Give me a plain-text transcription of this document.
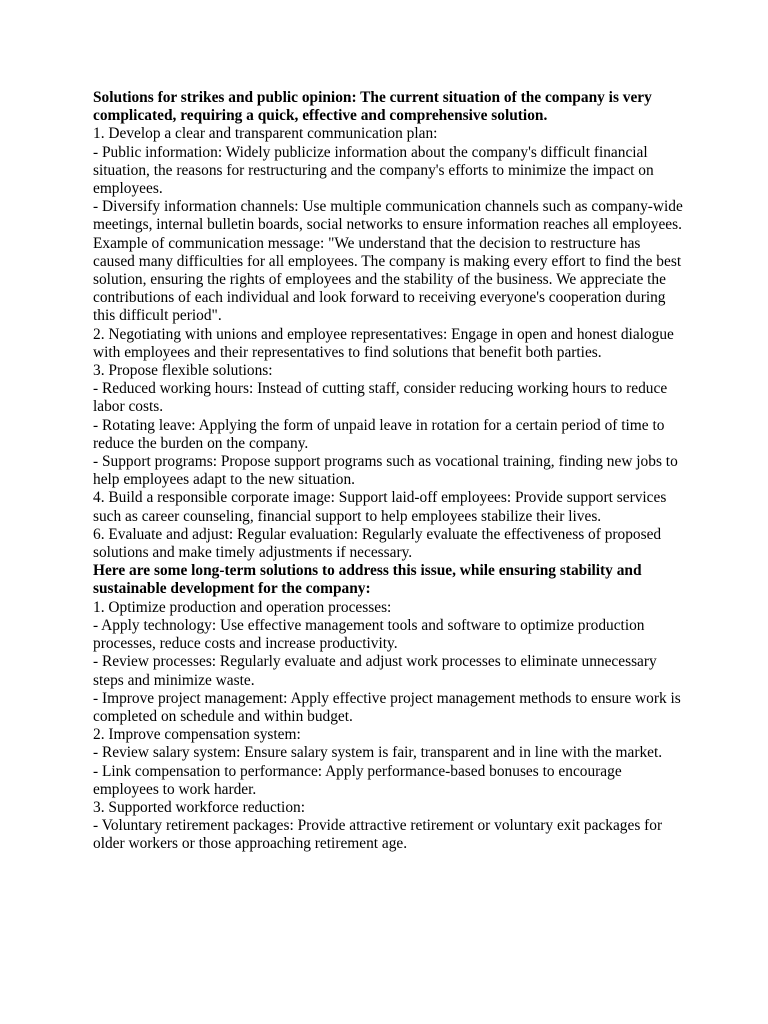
Solutions for strikes and public opinion: The current situation of the company is very complicated, requiring a quick, effective and comprehensive solution.

1. Develop a clear and transparent communication plan:

- Public information: Widely publicize information about the company's difficult financial situation, the reasons for restructuring and the company's efforts to minimize the impact on employees.

- Diversify information channels: Use multiple communication channels such as company-wide meetings, internal bulletin boards, social networks to ensure information reaches all employees.

Example of communication message: "We understand that the decision to restructure has caused many difficulties for all employees. The company is making every effort to find the best solution, ensuring the rights of employees and the stability of the business. We appreciate the contributions of each individual and look forward to receiving everyone's cooperation during this difficult period".

2. Negotiating with unions and employee representatives: Engage in open and honest dialogue with employees and their representatives to find solutions that benefit both parties.

3. Propose flexible solutions:

- Reduced working hours: Instead of cutting staff, consider reducing working hours to reduce labor costs.

- Rotating leave: Applying the form of unpaid leave in rotation for a certain period of time to reduce the burden on the company.

- Support programs: Propose support programs such as vocational training, finding new jobs to help employees adapt to the new situation.

4. Build a responsible corporate image: Support laid-off employees: Provide support services such as career counseling, financial support to help employees stabilize their lives.

6. Evaluate and adjust: Regular evaluation: Regularly evaluate the effectiveness of proposed solutions and make timely adjustments if necessary.

Here are some long-term solutions to address this issue, while ensuring stability and sustainable development for the company:

1. Optimize production and operation processes:

- Apply technology: Use effective management tools and software to optimize production processes, reduce costs and increase productivity.

- Review processes: Regularly evaluate and adjust work processes to eliminate unnecessary steps and minimize waste.

- Improve project management: Apply effective project management methods to ensure work is completed on schedule and within budget.

2. Improve compensation system:

- Review salary system: Ensure salary system is fair, transparent and in line with the market.

- Link compensation to performance: Apply performance-based bonuses to encourage employees to work harder.

3. Supported workforce reduction:

- Voluntary retirement packages: Provide attractive retirement or voluntary exit packages for older workers or those approaching retirement age.
